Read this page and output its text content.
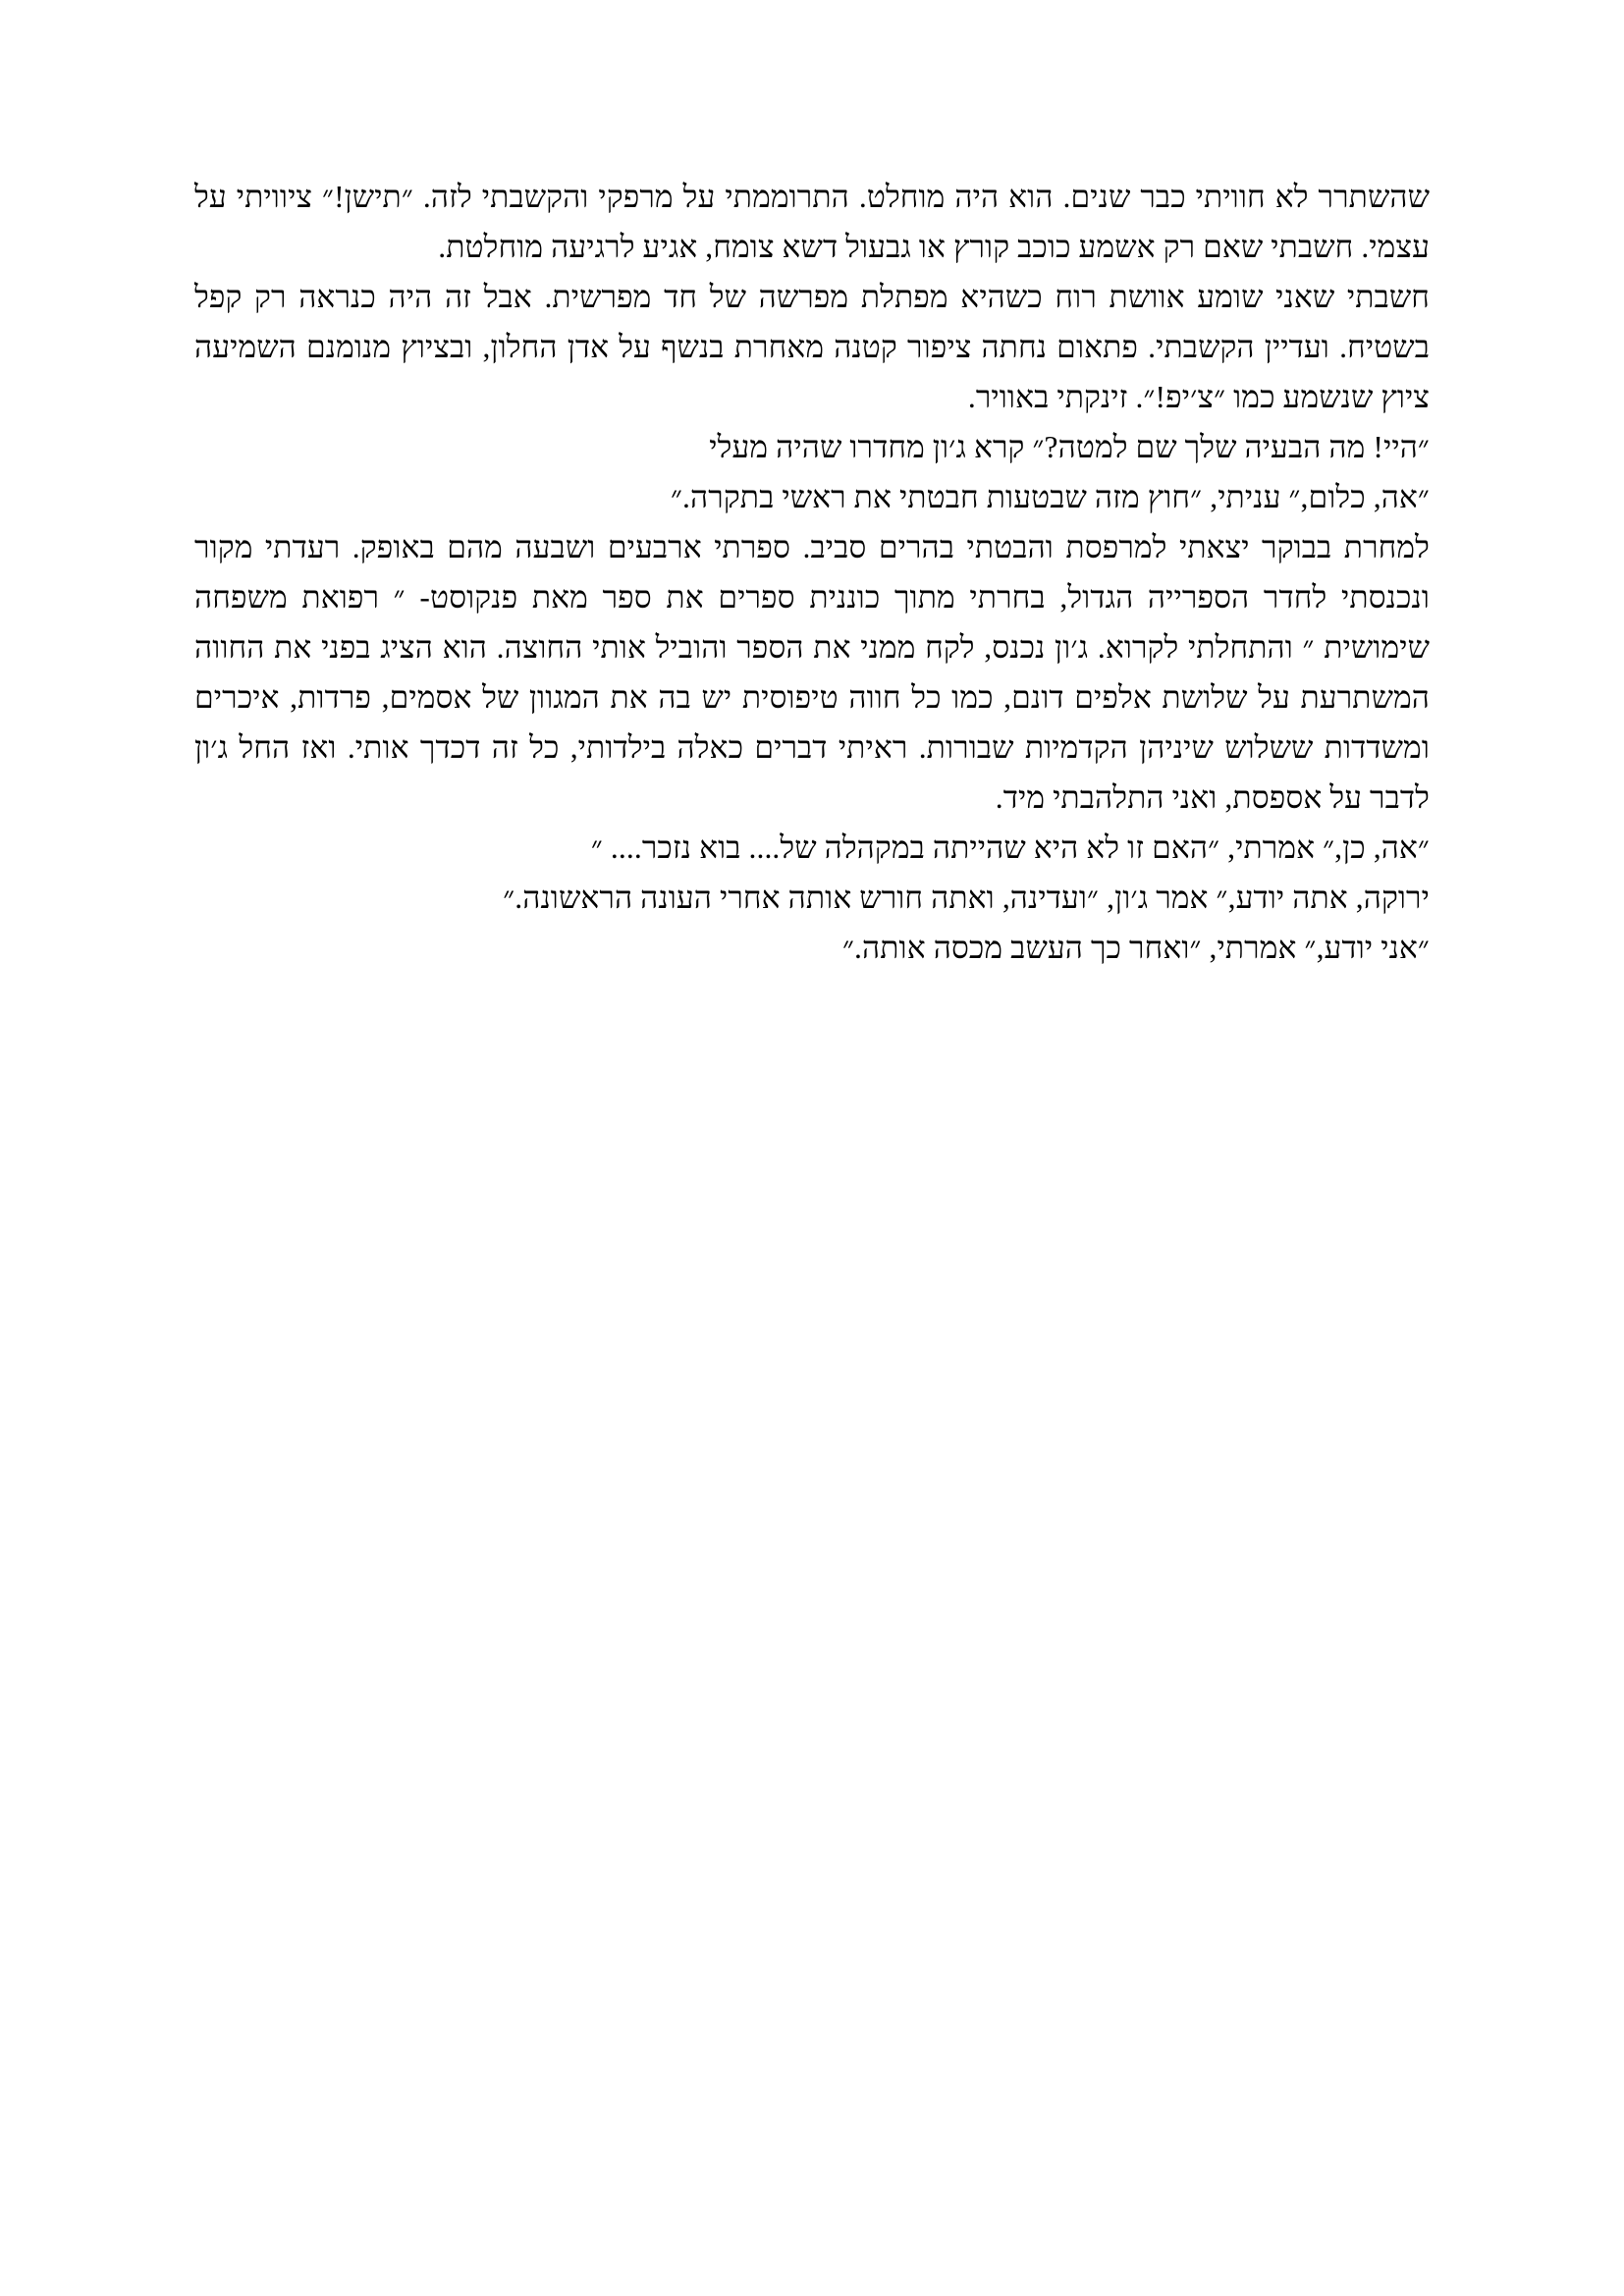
שהשתרר לא חוויתי כבר שנים. הוא היה מוחלט. התרוממתי על מרפקי והקשבתי לזה. ״תישן!״ ציוויתי על עצמי. חשבתי שאם רק אשמע כוכב קורץ או גבעול דשא צומח, אגיע לרגיעה מוחלטת.

חשבתי שאני שומע אוושת רוח כשהיא מפתלת מפרשה של חד מפרשית. אבל זה היה כנראה רק קפל בשטיח. ועדיין הקשבתי. פתאום נחתה ציפור קטנה מאחרת בנשף על אדן החלון, ובציוץ מנומנם השמיעה ציוץ שנשמע כמו ״צ׳יפ!״. זינקתי באוויר.

״היי! מה הבעיה שלך שם למטה?״ קרא ג׳ון מחדרו שהיה מעלי

״אה, כלום,״ עניתי, ״חוץ מזה שבטעות חבטתי את ראשי בתקרה.״

למחרת בבוקר יצאתי למרפסת והבטתי בהרים סביב. ספרתי ארבעים ושבעה מהם באופק. רעדתי מקור ונכנסתי לחדר הספרייה הגדול, בחרתי מתוך כוננית ספרים את ספר מאת פנקוסט- ״ רפואת משפחה שימושית ״ והתחלתי לקרוא. ג׳ון נכנס, לקח ממני את הספר והוביל אותי החוצה. הוא הציג בפני את החווה המשתרעת על שלושת אלפים דונם, כמו כל חווה טיפוסית יש בה את המגוון של אסמים, פרדות, איכרים ומשדדות ששלוש שיניהן הקדמיות שבורות. ראיתי דברים כאלה בילדותי, כל זה דכדך אותי. ואז החל ג׳ון לדבר על אספסת, ואני התלהבתי מיד.

״אה, כן,״ אמרתי, ״האם זו לא היא שהייתה במקהלה של.... בוא נזכר.... ״

ירוקה, אתה יודע,״ אמר ג׳ון, ״ועדינה, ואתה חורש אותה אחרי העונה הראשונה.״

״אני יודע,״ אמרתי, ״ואחר כך העשב מכסה אותה.״
